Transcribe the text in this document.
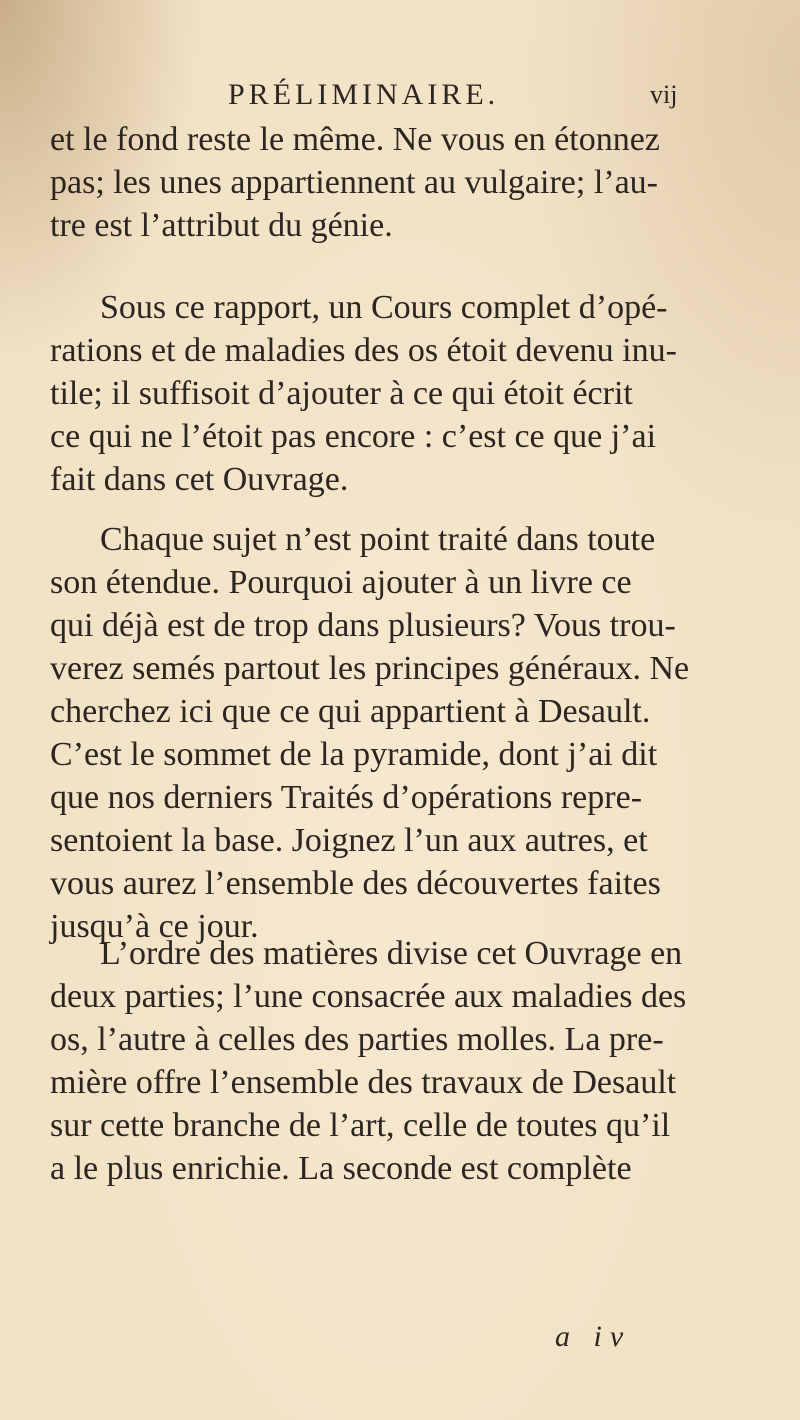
PRÉLIMINAIRE.	vij
et le fond reste le même. Ne vous en étonnez
pas; les unes appartiennent au vulgaire; l’au-
tre est l’attribut du génie.
Sous ce rapport, un Cours complet d’opé-
rations et de maladies des os étoit devenu inu-
tile; il suffisoit d’ajouter à ce qui étoit écrit
ce qui ne l’étoit pas encore : c’est ce que j’ai
fait dans cet Ouvrage.
Chaque sujet n’est point traité dans toute
son étendue. Pourquoi ajouter à un livre ce
qui déjà est de trop dans plusieurs? Vous trou-
verez semés partout les principes généraux. Ne
cherchez ici que ce qui appartient à Desault.
C’est le sommet de la pyramide, dont j’ai dit
que nos derniers Traités d’opérations repre-
sentoient la base. Joignez l’un aux autres, et
vous aurez l’ensemble des découvertes faites
jusqu’à ce jour.
L’ordre des matières divise cet Ouvrage en
deux parties; l’une consacrée aux maladies des
os, l’autre à celles des parties molles. La pre-
mière offre l’ensemble des travaux de Desault
sur cette branche de l’art, celle de toutes qu’il
a le plus enrichie. La seconde est complète
a iv
